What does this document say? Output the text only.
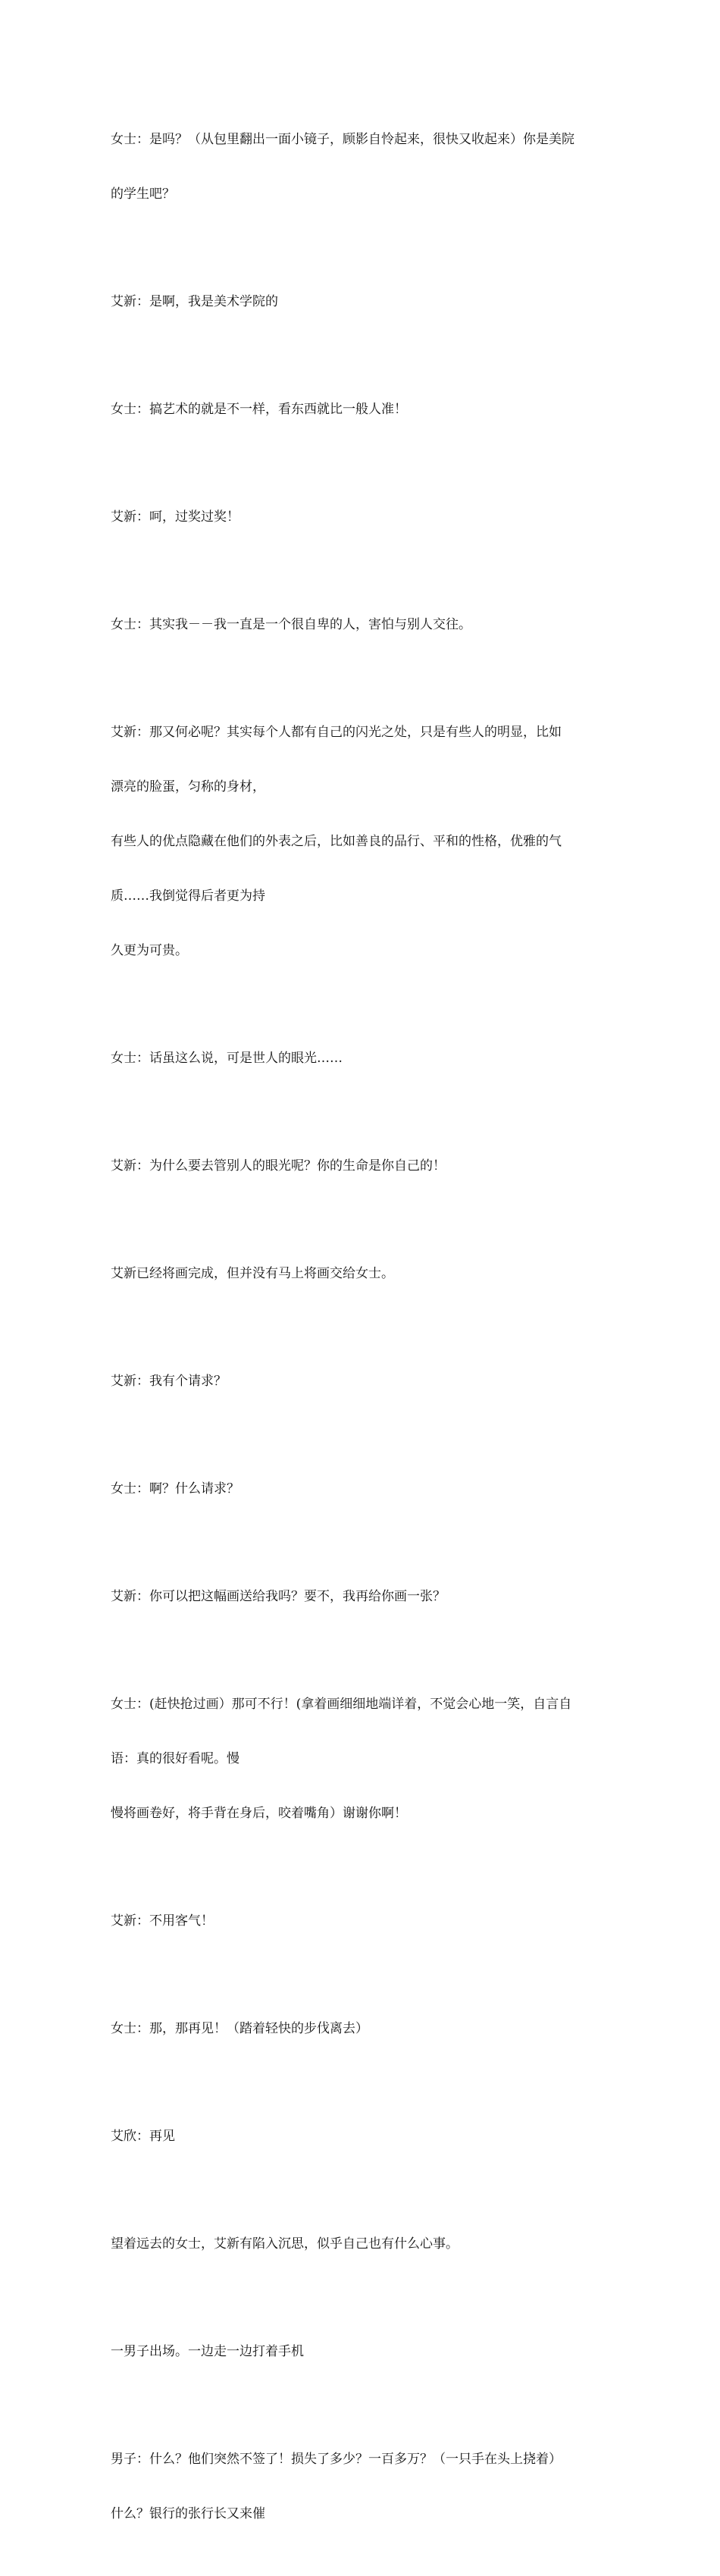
女士：是吗？（从包里翻出一面小镜子，顾影自怜起来，很快又收起来）你是美院

的学生吧？

艾新：是啊，我是美术学院的

女士：搞艺术的就是不一样，看东西就比一般人准！

艾新：呵，过奖过奖！

女士：其实我－－我一直是一个很自卑的人，害怕与别人交往。

艾新：那又何必呢？其实每个人都有自己的闪光之处，只是有些人的明显，比如

漂亮的脸蛋，匀称的身材，

有些人的优点隐藏在他们的外表之后，比如善良的品行、平和的性格，优雅的气

质……我倒觉得后者更为持

久更为可贵。

女士：话虽这么说，可是世人的眼光……

艾新：为什么要去管别人的眼光呢？你的生命是你自己的！

艾新已经将画完成，但并没有马上将画交给女士。

艾新：我有个请求？

女士：啊？什么请求？

艾新：你可以把这幅画送给我吗？要不，我再给你画一张？

女士：(赶快抢过画）那可不行！(拿着画细细地端详着，不觉会心地一笑，自言自

语：真的很好看呢。慢

慢将画卷好，将手背在身后，咬着嘴角）谢谢你啊！

艾新：不用客气！

女士：那，那再见！（踏着轻快的步伐离去）

艾欣：再见

望着远去的女士，艾新有陷入沉思，似乎自己也有什么心事。

一男子出场。一边走一边打着手机

男子：什么？他们突然不签了！损失了多少？一百多万？（一只手在头上挠着）

什么？银行的张行长又来催
